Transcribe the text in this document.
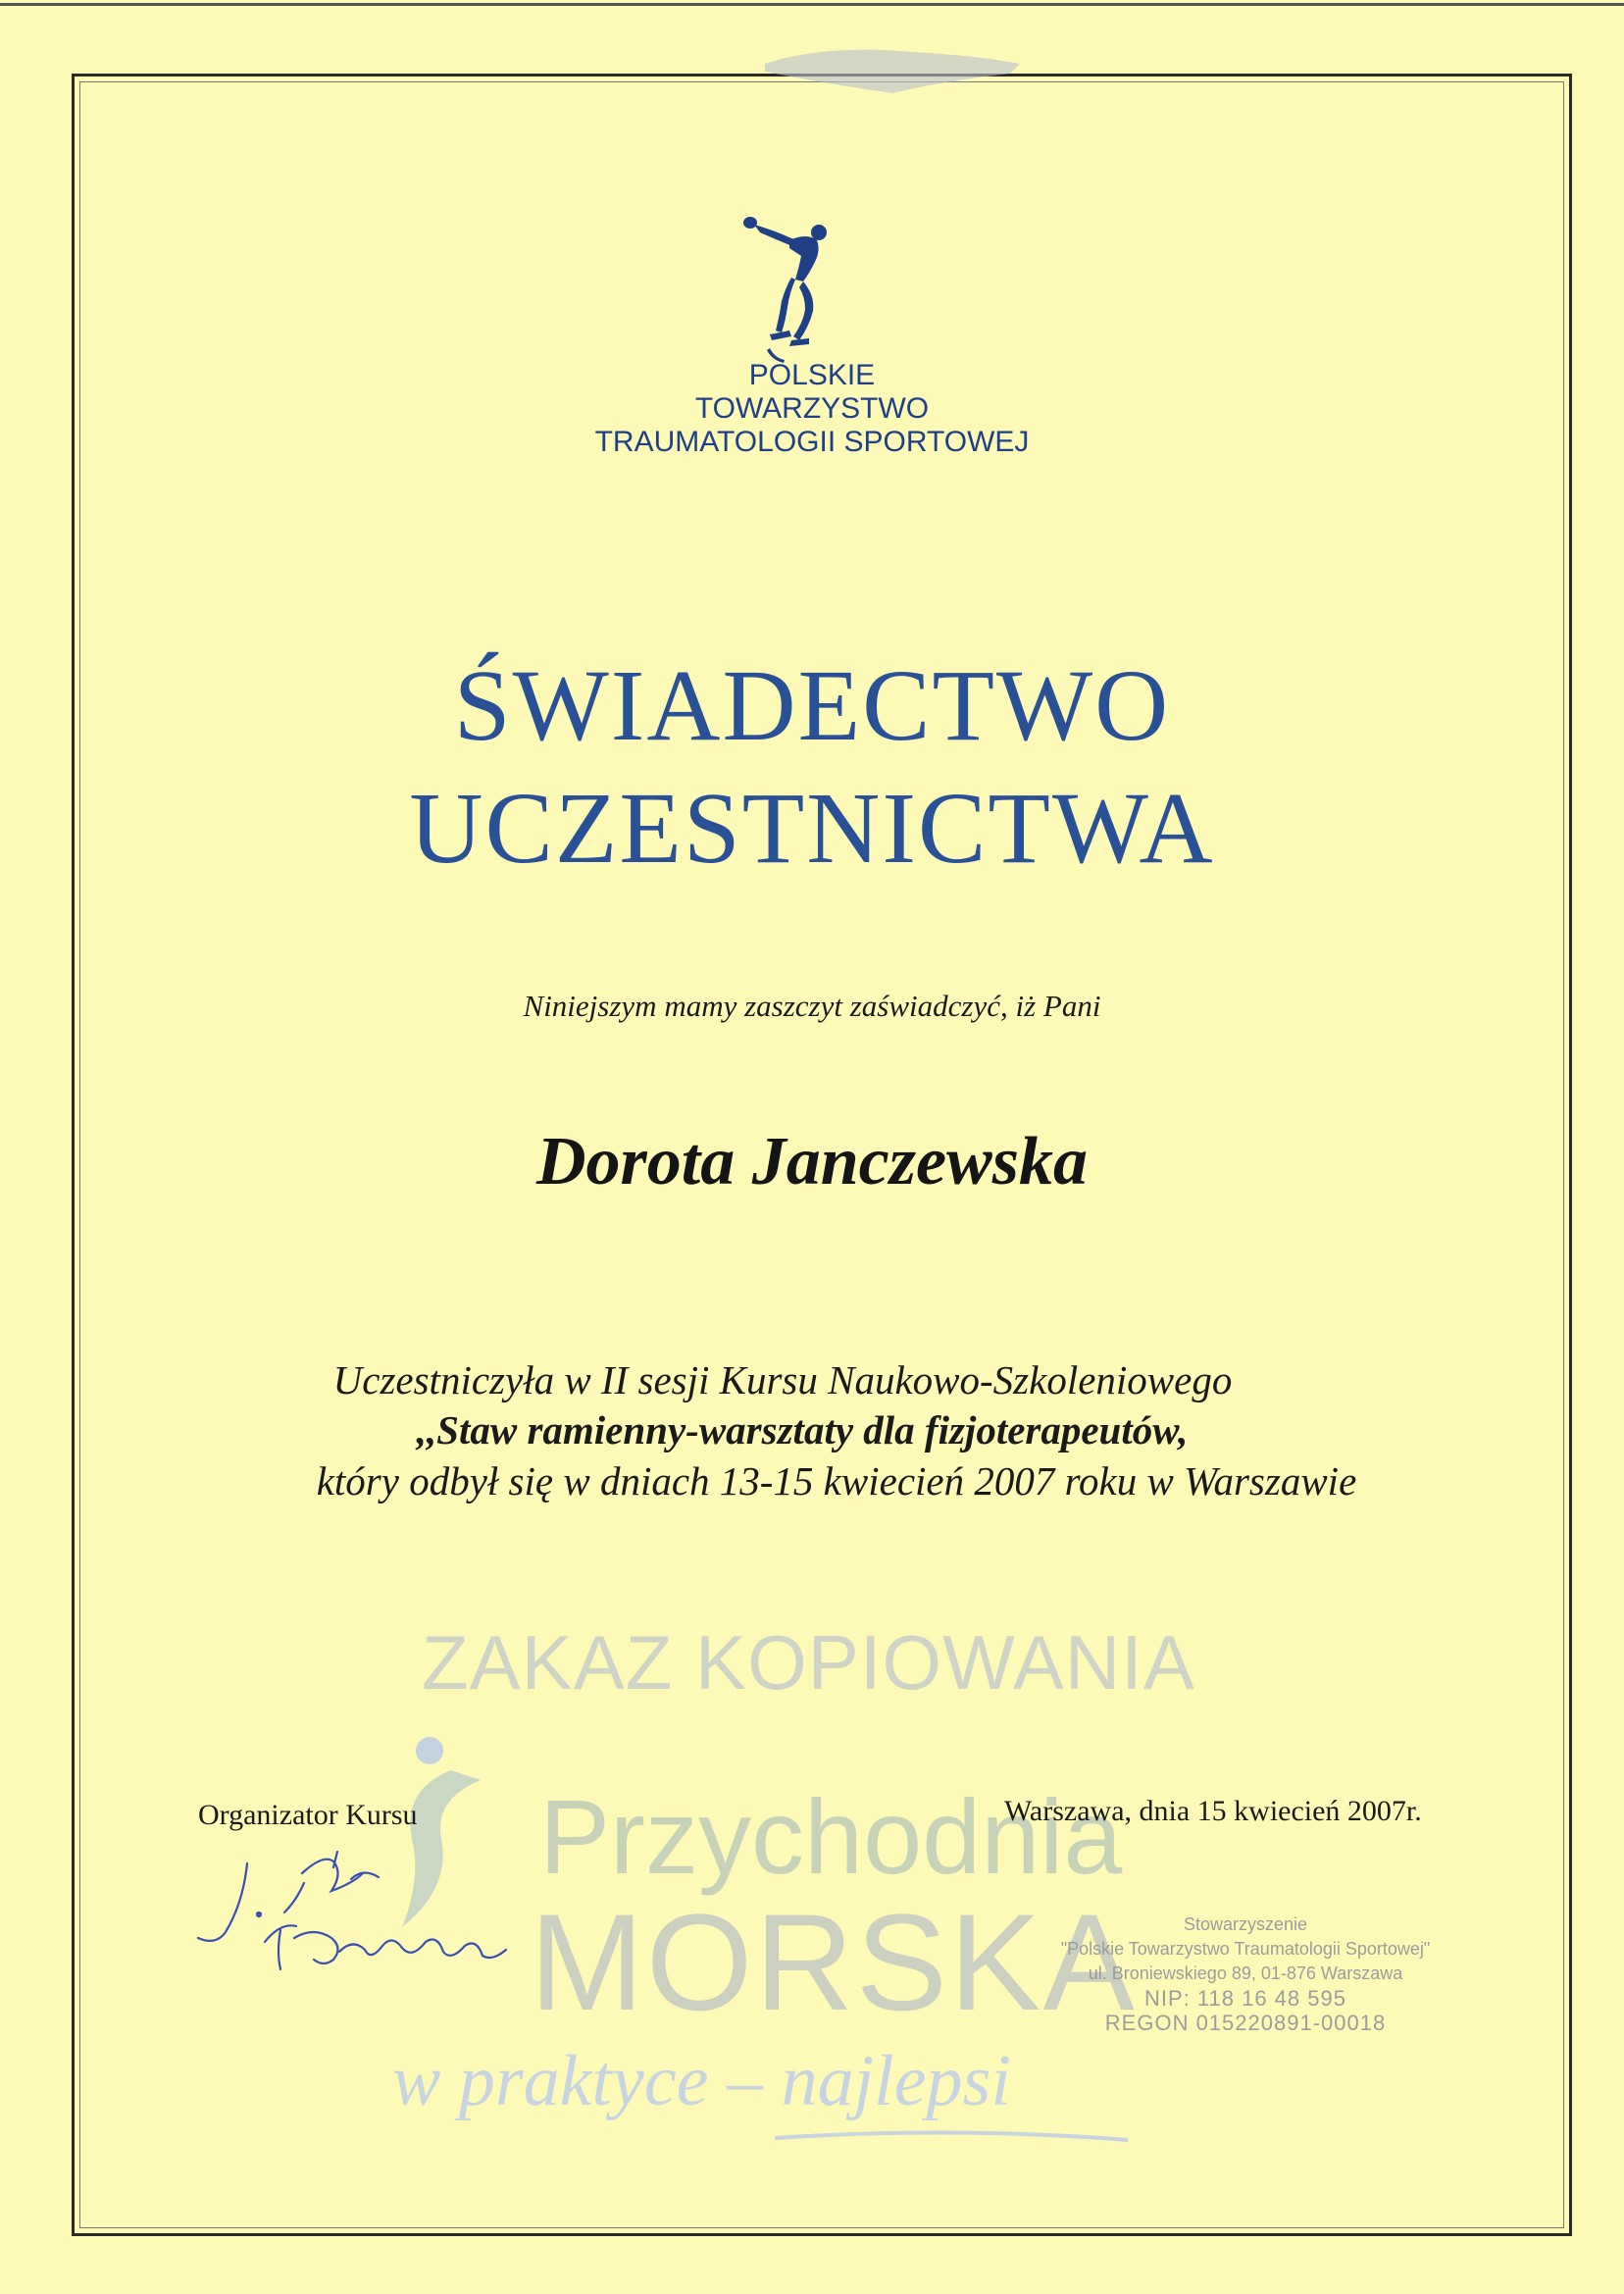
POLSKIE
TOWARZYSTWO
TRAUMATOLOGII SPORTOWEJ
ŚWIADECTWO
UCZESTNICTWA
Niniejszym mamy zaszczyt zaświadczyć, iż Pani
Dorota Janczewska
Uczestniczyła w II sesji Kursu Naukowo-Szkoleniowego
,,Staw ramienny-warsztaty dla fizjoterapeutów,
który odbył się w dniach 13-15 kwiecień 2007 roku w Warszawie
ZAKAZ KOPIOWANIA
Przychodnia
MORSKA
w praktyce – najlepsi
Organizator Kursu	Warszawa, dnia 15 kwiecień 2007r.
Stowarzyszenie
"Polskie Towarzystwo Traumatologii Sportowej"
ul. Broniewskiego 89, 01-876 Warszawa
NIP: 118 16 48 595
REGON 015220891-00018
